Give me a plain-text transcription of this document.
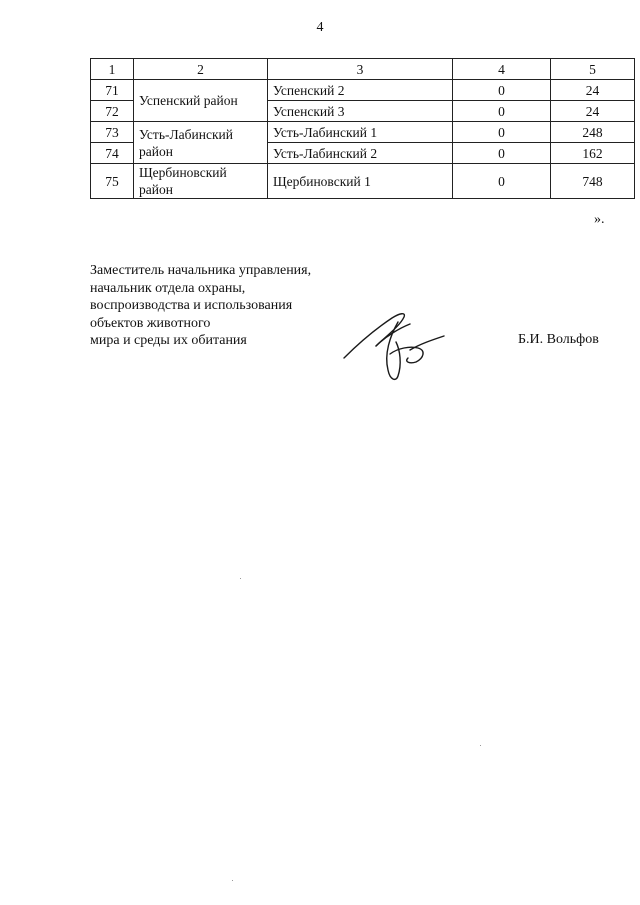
4
1	2	3	4	5
71	Успенский район	Успенский 2	0	24
72		Успенский 3	0	24
73	Усть-Лабинский район	Усть-Лабинский 1	0	248
74		Усть-Лабинский 2	0	162
75	Щербиновский район	Щербиновский 1	0	748
».
Заместитель начальника управления,
начальник отдела охраны,
воспроизводства и использования
объектов животного
мира и среды их обитания	Б.И. Вольфов
